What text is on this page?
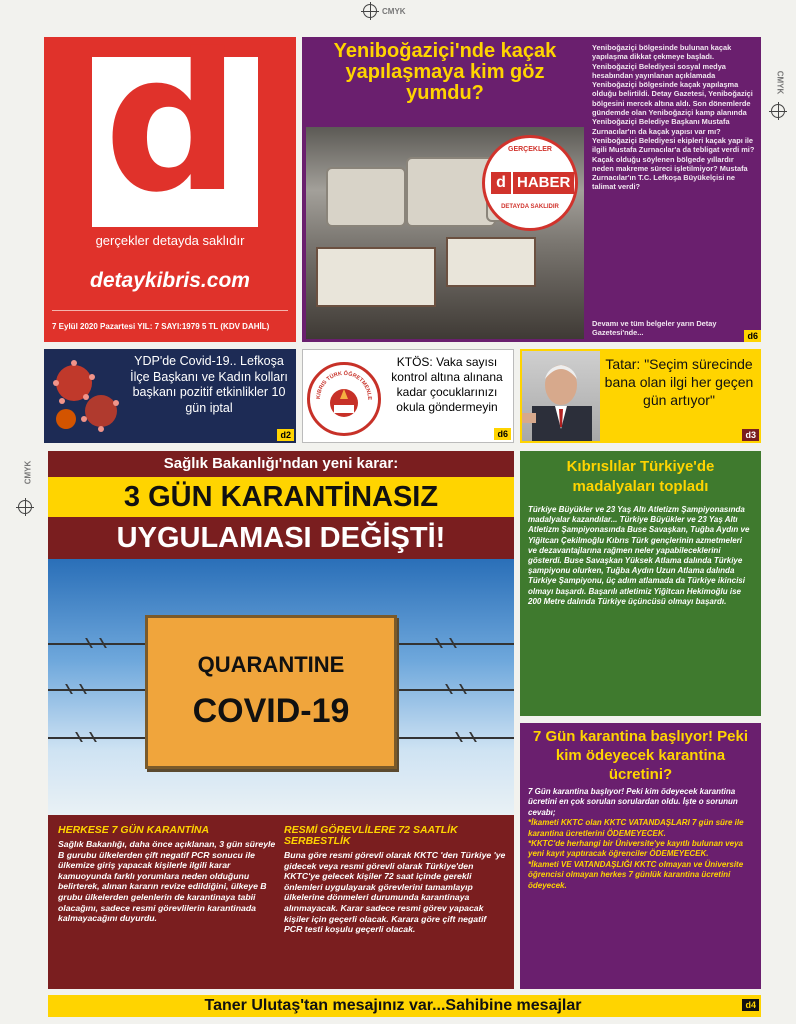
CMYK
CMYK
CMYK
d
gerçekler detayda saklıdır
detaykibris.com
7 Eylül 2020 Pazartesi YIL: 7 SAYI:1979 5 TL (KDV DAHİL)
Yeniboğaziçi'nde kaçak yapılaşmaya kim göz yumdu?
GERÇEKLER
d HABER
DETAYDA SAKLIDIR
Yeniboğaziçi bölgesinde bulunan kaçak yapılaşma dikkat çekmeye başladı. Yeniboğaziçi Belediyesi sosyal medya hesabından yayınlanan açıklamada Yeniboğaziçi bölgesinde kaçak yapılaşma olduğu belirtildi. Detay Gazetesi, Yeniboğaziçi bölgesini mercek altına aldı. Son dönemlerde gündemde olan Yeniboğaziçi kamp alanında Yeniboğaziçi Belediye Başkanı Mustafa Zurnacılar'ın da kaçak yapısı var mı? Yeniboğaziçi Belediyesi ekipleri kaçak yapı ile ilgili Mustafa Zurnacılar'a da tebligat verdi mi? Kaçak olduğu söylenen bölgede yıllardır neden makreme süreci işletilmiyor? Mustafa Zurnacılar'ın T.C. Lefkoşa Büyükelçisi ne talimat verdi?
Devamı ve tüm belgeler yarın Detay Gazetesi'nde...	d6
YDP'de Covid-19.. Lefkoşa İlçe Başkanı ve Kadın kolları başkanı pozitif etkinlikler 10 gün iptal
d2
KIBRIS TÜRK ÖĞRETMENLE
KTÖS: Vaka sayısı kontrol altına alınana kadar çocuklarınızı okula göndermeyin
d6
Tatar: "Seçim sürecinde bana olan ilgi her geçen gün artıyor"
d3
Sağlık Bakanlığı'ndan yeni karar:
3 GÜN KARANTİNASIZ
UYGULAMASI DEĞİŞTİ!
QUARANTINE
COVID-19
HERKESE 7 GÜN KARANTİNA
Sağlık Bakanlığı, daha önce açıklanan, 3 gün süreyle B gurubu ülkelerden çift negatif PCR sonucu ile ülkemize giriş yapacak kişilerle ilgili karar kamuoyunda farklı yorumlara neden olduğunu belirterek, alınan kararın revize edildiğini, ülkeye B grubu ülkelerden gelenlerin de karantinaya tabii olacağını, sadece resmi görevlilerin karantinada kalmayacağını duyurdu.
RESMİ GÖREVLİLERE 72 SAATLİK SERBESTLİK
Buna göre resmi görevli olarak KKTC 'den Türkiye 'ye gidecek veya resmi görevli olarak Türkiye'den KKTC'ye gelecek kişiler 72 saat içinde gerekli önlemleri uygulayarak görevlerini tamamlayıp ülkelerine dönmeleri durumunda karantinaya alınmayacak. Karar sadece resmi görev yapacak kişiler için geçerli olacak. Karara göre çift negatif PCR testi koşulu geçerli olacak.
Kıbrıslılar Türkiye'de madalyaları topladı
Türkiye Büyükler ve 23 Yaş Altı Atletizm Şampiyonasında madalyalar kazandılar... Türkiye Büyükler ve 23 Yaş Altı Atletizm Şampiyonasında Buse Savaşkan, Tuğba Aydın ve Yiğitcan Çekilmoğlu Kıbrıs Türk gençlerinin azmetmeleri ve dezavantajlarına rağmen neler yapabileceklerini gösterdi. Buse Savaşkan Yüksek Atlama dalında Türkiye şampiyonu olurken, Tuğba Aydın Uzun Atlama dalında Türkiye Şampiyonu, üç adım atlamada da Türkiye ikincisi olmayı başardı. Başarılı atletimiz Yiğitcan Hekimoğlu ise 200 Metre dalında Türkiye üçüncüsü olmayı başardı.
7 Gün karantina başlıyor! Peki kim ödeyecek karantina ücretini?
7 Gün karantina başlıyor! Peki kim ödeyecek karantina ücretini en çok sorulan sorulardan oldu. İşte o sorunun cevabı;
*İkameti KKTC olan KKTC VATANDAŞLARI 7 gün süre ile karantina ücretlerini ÖDEMEYECEK.
*KKTC'de herhangi bir Üniversite'ye kayıtlı bulunan veya yeni kayıt yaptıracak öğrenciler ÖDEMEYECEK.
*İkameti VE VATANDAŞLIĞI KKTC olmayan ve Üniversite öğrencisi olmayan herkes 7 günlük karantina ücretini ödeyecek.
Taner Ulutaş'tan mesajınız var...Sahibine mesajlar	d4
